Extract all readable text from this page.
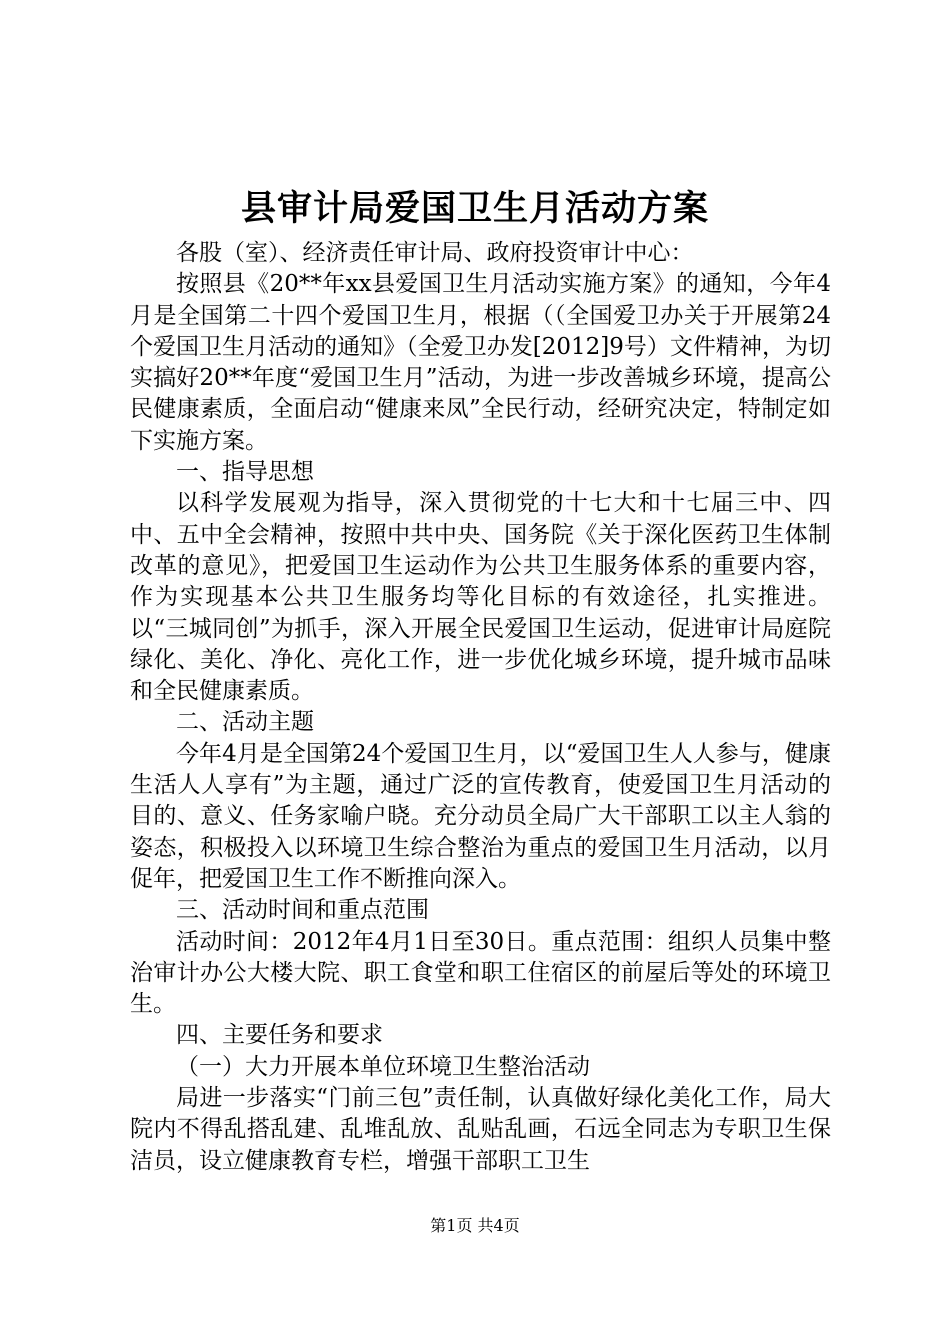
县审计局爱国卫生月活动方案

各股（室）、经济责任审计局、政府投资审计中心：

按照县《20**年xx县爱国卫生月活动实施方案》的通知，今年4月是全国第二十四个爱国卫生月，根据（（全国爱卫办关于开展第24个爱国卫生月活动的通知》（全爱卫办发[2012]9号）文件精神，为切实搞好20**年度“爱国卫生月”活动，为进一步改善城乡环境，提高公民健康素质，全面启动“健康来凤”全民行动，经研究决定，特制定如下实施方案。

一、指导思想

以科学发展观为指导，深入贯彻党的十七大和十七届三中、四中、五中全会精神，按照中共中央、国务院《关于深化医药卫生体制改革的意见》，把爱国卫生运动作为公共卫生服务体系的重要内容，作为实现基本公共卫生服务均等化目标的有效途径，扎实推进。以“三城同创”为抓手，深入开展全民爱国卫生运动，促进审计局庭院绿化、美化、净化、亮化工作，进一步优化城乡环境，提升城市品味和全民健康素质。

二、活动主题

今年4月是全国第24个爱国卫生月，以“爱国卫生人人参与，健康生活人人享有”为主题，通过广泛的宣传教育，使爱国卫生月活动的目的、意义、任务家喻户晓。充分动员全局广大干部职工以主人翁的姿态，积极投入以环境卫生综合整治为重点的爱国卫生月活动，以月促年，把爱国卫生工作不断推向深入。

三、活动时间和重点范围

活动时间：2012年4月1日至30日。重点范围：组织人员集中整治审计办公大楼大院、职工食堂和职工住宿区的前屋后等处的环境卫生。

四、主要任务和要求

（一）大力开展本单位环境卫生整治活动

局进一步落实“门前三包”责任制，认真做好绿化美化工作，局大院内不得乱搭乱建、乱堆乱放、乱贴乱画，石远全同志为专职卫生保洁员，设立健康教育专栏，增强干部职工卫生

第1页 共4页
